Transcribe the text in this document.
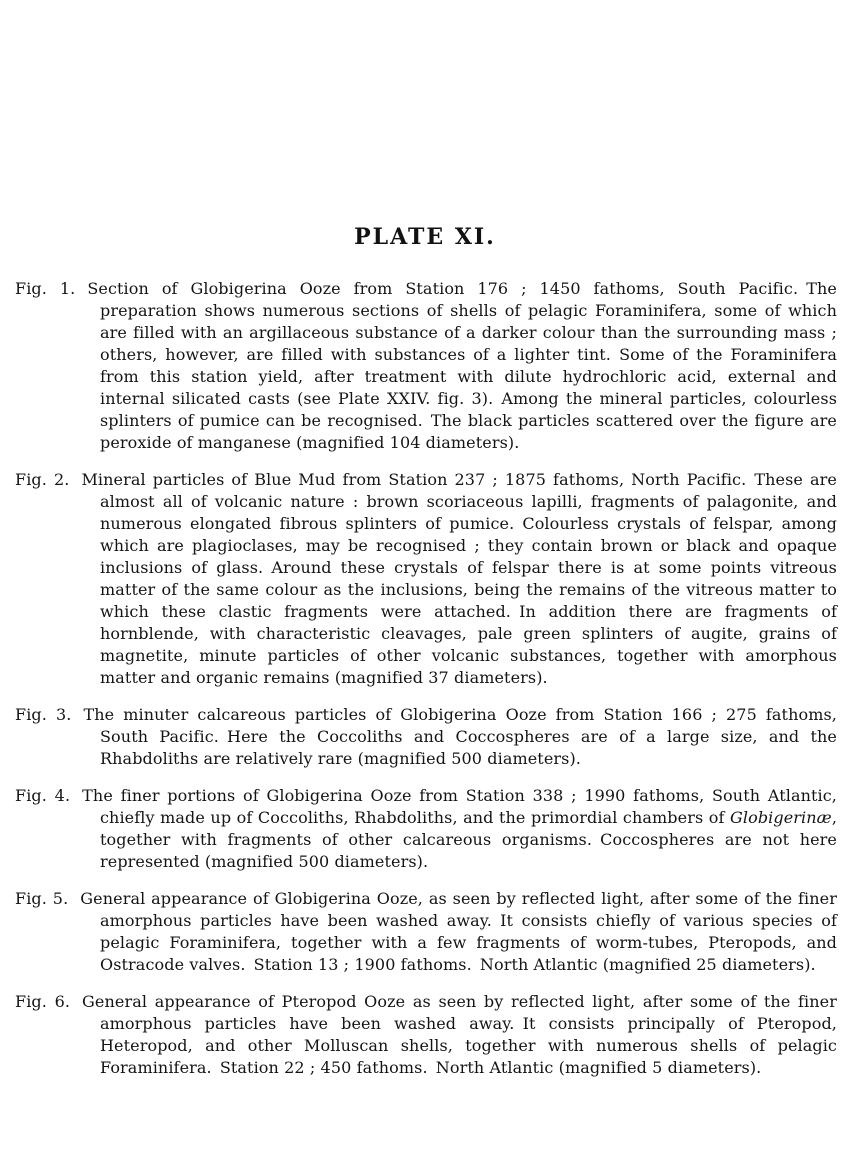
PLATE XI.
Fig. 1. Section of Globigerina Ooze from Station 176 ; 1450 fathoms, South Pacific. The preparation shows numerous sections of shells of pelagic Foraminifera, some of which are filled with an argillaceous substance of a darker colour than the surrounding mass ; others, however, are filled with substances of a lighter tint. Some of the Foraminifera from this station yield, after treatment with dilute hydrochloric acid, external and internal silicated casts (see Plate XXIV. fig. 3). Among the mineral particles, colourless splinters of pumice can be recognised. The black particles scattered over the figure are peroxide of manganese (magnified 104 diameters).
Fig. 2. Mineral particles of Blue Mud from Station 237 ; 1875 fathoms, North Pacific. These are almost all of volcanic nature : brown scoriaceous lapilli, fragments of palagonite, and numerous elongated fibrous splinters of pumice. Colourless crystals of felspar, among which are plagioclases, may be recognised ; they contain brown or black and opaque inclusions of glass. Around these crystals of felspar there is at some points vitreous matter of the same colour as the inclusions, being the remains of the vitreous matter to which these clastic fragments were attached. In addition there are fragments of hornblende, with characteristic cleavages, pale green splinters of augite, grains of magnetite, minute particles of other volcanic substances, together with amorphous matter and organic remains (magnified 37 diameters).
Fig. 3. The minuter calcareous particles of Globigerina Ooze from Station 166 ; 275 fathoms, South Pacific. Here the Coccoliths and Coccospheres are of a large size, and the Rhabdoliths are relatively rare (magnified 500 diameters).
Fig. 4. The finer portions of Globigerina Ooze from Station 338 ; 1990 fathoms, South Atlantic, chiefly made up of Coccoliths, Rhabdoliths, and the primordial chambers of Globigerinæ, together with fragments of other calcareous organisms. Coccospheres are not here represented (magnified 500 diameters).
Fig. 5. General appearance of Globigerina Ooze, as seen by reflected light, after some of the finer amorphous particles have been washed away. It consists chiefly of various species of pelagic Foraminifera, together with a few fragments of worm-tubes, Pteropods, and Ostracode valves. Station 13 ; 1900 fathoms. North Atlantic (magnified 25 diameters).
Fig. 6. General appearance of Pteropod Ooze as seen by reflected light, after some of the finer amorphous particles have been washed away. It consists principally of Pteropod, Heteropod, and other Molluscan shells, together with numerous shells of pelagic Foraminifera. Station 22 ; 450 fathoms. North Atlantic (magnified 5 diameters).
